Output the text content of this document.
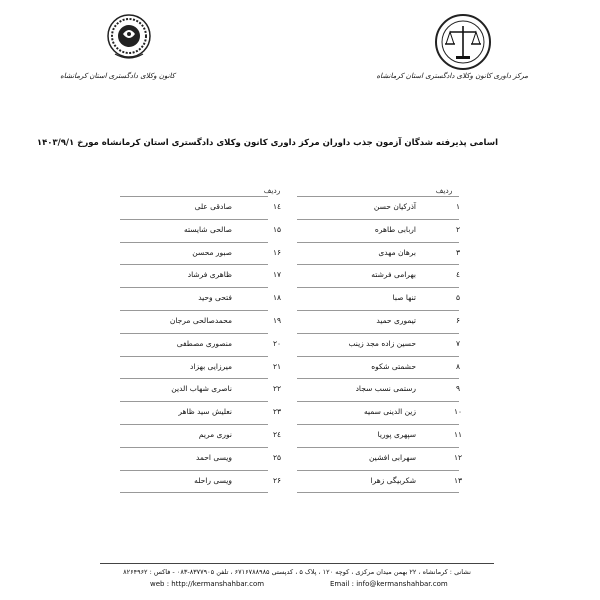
مرکز داوری کانون وکلای دادگستری استان کرمانشاه
کانون وکلای دادگستری استان کرمانشاه
اسامی پذیرفته شدگان آزمون جذب داوران مرکز داوری کانون وکلای دادگستری استان کرمانشاه مورخ ۱۴۰۳/۹/۱
ردیف
ردیف
۱
آذرکیان حسن
۱٤
صادقی علی
۲
اربابی طاهره
۱۵
صالحی شایسته
۳
برهان مهدی
۱۶
صبور محسن
٤
بهرامی فرشته
۱۷
ظاهری فرشاد
۵
تنها صبا
۱۸
فتحی وحید
۶
تیموری حمید
۱۹
محمدصالحی مرجان
۷
حسین زاده مجد زینب
۲۰
منصوری مصطفی
۸
حشمتی شکوه
۲۱
میرزایی بهزاد
۹
رستمی نسب سجاد
۲۲
ناصری شهاب الدین
۱۰
زین الدینی سمیه
۲۳
نعلیش سید ظاهر
۱۱
سپهری پوریا
۲٤
نوری مریم
۱۲
سهرابی افشین
۲۵
ویسی احمد
۱۳
شکربیگی زهرا
۲۶
ویسی راحله
نشانی : کرمانشاه ، ۲۲ بهمن میدان مرکزی ، کوچه ۱۲۰ ، پلاک ۵ ، کدپستی ۶۷۱۶۷۸۸۹۸۵ ، تلفن ۸۳۷۷۹۰۵-۰۸۳ - فاکس : ۸۲۶۴۹۶۲
web : http://kermanshahbar.com	Email : info@kermanshahbar.com
